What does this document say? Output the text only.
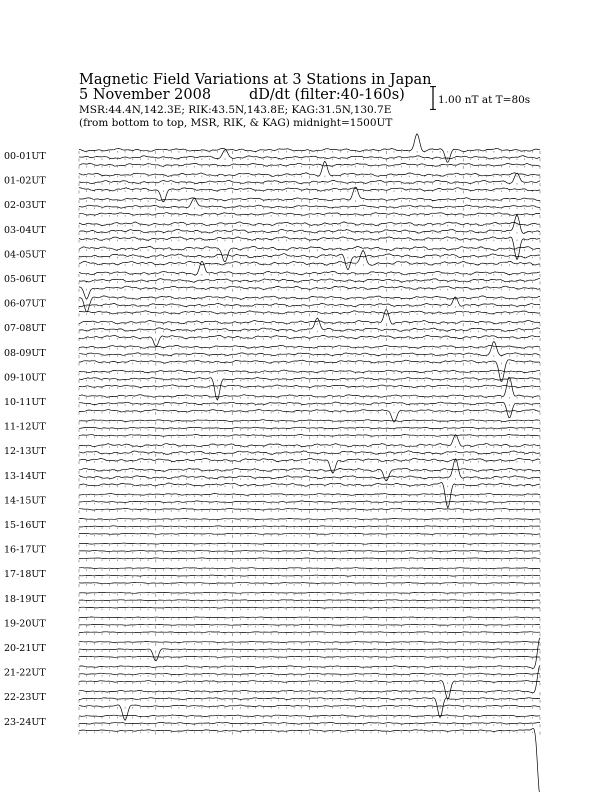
Magnetic Field Variations at 3 Stations in Japan
5 November 2008	dD/dt (filter:40-160s)
MSR:44.4N,142.3E; RIK:43.5N,143.8E; KAG:31.5N,130.7E
(from bottom to top, MSR, RIK, & KAG) midnight=1500UT
1.00 nT at T=80s
00-01UT
01-02UT
02-03UT
03-04UT
04-05UT
05-06UT
06-07UT
07-08UT
08-09UT
09-10UT
10-11UT
11-12UT
12-13UT
13-14UT
14-15UT
15-16UT
16-17UT
17-18UT
18-19UT
19-20UT
20-21UT
21-22UT
22-23UT
23-24UT
